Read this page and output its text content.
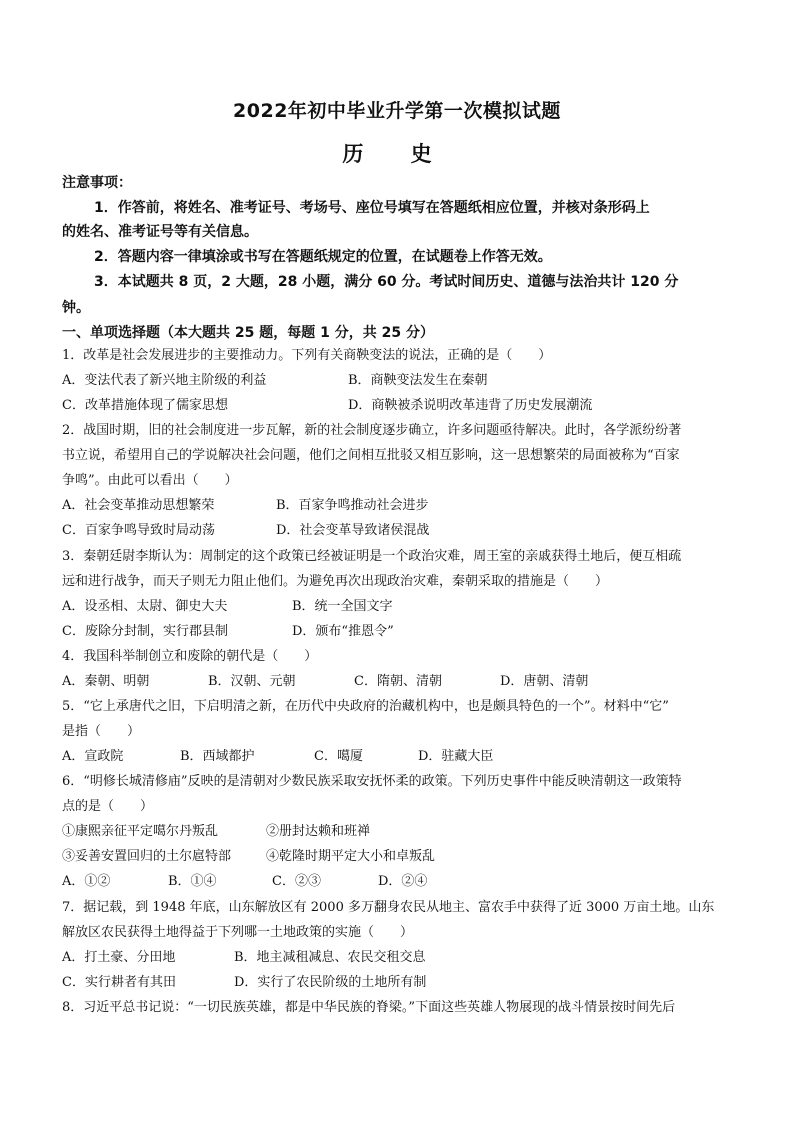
2022年初中毕业升学第一次模拟试题
历 史
注意事项：
1．作答前，将姓名、准考证号、考场号、座位号填写在答题纸相应位置，并核对条形码上
的姓名、准考证号等有关信息。
2．答题内容一律填涂或书写在答题纸规定的位置，在试题卷上作答无效。
3．本试题共 8 页，2 大题，28 小题，满分 60 分。考试时间历史、道德与法治共计 120 分
钟。
一、单项选择题（本大题共 25 题，每题 1 分，共 25 分）
1．改革是社会发展进步的主要推动力。下列有关商鞅变法的说法，正确的是（　　）
A．变法代表了新兴地主阶级的利益	B．商鞅变法发生在秦朝
C．改革措施体现了儒家思想	D．商鞅被杀说明改革违背了历史发展潮流
2．战国时期，旧的社会制度进一步瓦解，新的社会制度逐步确立，许多问题亟待解决。此时，各学派纷纷著
书立说，希望用自己的学说解决社会问题，他们之间相互批驳又相互影响，这一思想繁荣的局面被称为“百家
争鸣”。由此可以看出（　　）
A．社会变革推动思想繁荣	B．百家争鸣推动社会进步
C．百家争鸣导致时局动荡	D．社会变革导致诸侯混战
3．秦朝廷尉李斯认为：周制定的这个政策已经被证明是一个政治灾难，周王室的亲戚获得土地后，便互相疏
远和进行战争，而天子则无力阻止他们。为避免再次出现政治灾难，秦朝采取的措施是（　　）
A．设丞相、太尉、御史大夫	B．统一全国文字
C．废除分封制，实行郡县制	D．颁布“推恩令”
4．我国科举制创立和废除的朝代是（　　）
A．秦朝、明朝	B．汉朝、元朝	C．隋朝、清朝	D．唐朝、清朝
5．“它上承唐代之旧，下启明清之新，在历代中央政府的治藏机构中，也是颇具特色的一个”。材料中“它”
是指（　　）
A．宣政院	B．西域都护	C．噶厦	D．驻藏大臣
6．“明修长城清修庙”反映的是清朝对少数民族采取安抚怀柔的政策。下列历史事件中能反映清朝这一政策特
点的是（　　）
①康熙亲征平定噶尔丹叛乱	②册封达赖和班禅
③妥善安置回归的土尔扈特部	④乾隆时期平定大小和卓叛乱
A．①②	B．①④	C．②③	D．②④
7．据记载，到 1948 年底，山东解放区有 2000 多万翻身农民从地主、富农手中获得了近 3000 万亩土地。山东
解放区农民获得土地得益于下列哪一土地政策的实施（　　）
A．打土豪、分田地	B．地主减租减息、农民交租交息
C．实行耕者有其田	D．实行了农民阶级的土地所有制
8．习近平总书记说：“一切民族英雄，都是中华民族的脊梁。”下面这些英雄人物展现的战斗情景按时间先后
